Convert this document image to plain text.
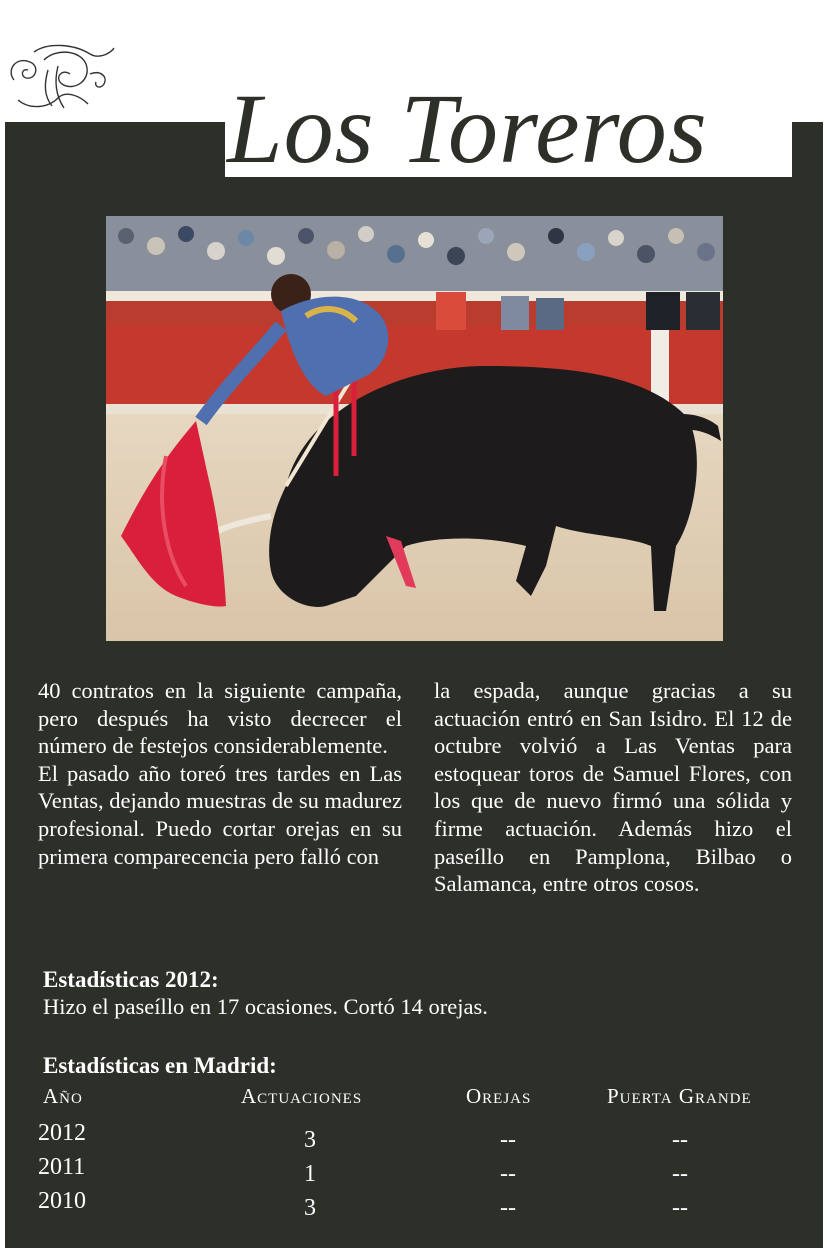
Los Toreros

40 contratos en la siguiente campaña, pero después ha visto decrecer el número de festejos considerablemente.

El pasado año toreó tres tardes en Las Ventas, dejando muestras de su madurez profesional. Puedo cortar orejas en su primera comparecencia pero falló con

la espada, aunque gracias a su actuación entró en San Isidro. El 12 de octubre volvió a Las Ventas para estoquear toros de Samuel Flores, con los que de nuevo firmó una sólida y firme actuación. Además hizo el paseíllo en Pamplona, Bilbao o Salamanca, entre otros cosos.

Estadísticas 2012:
Hizo el paseíllo en 17 ocasiones. Cortó 14 orejas.
Estadísticas en Madrid:
Año	Actuaciones	Orejas	Puerta Grande
2012	3	--	--
2011	1	--	--
2010	3	--	--
